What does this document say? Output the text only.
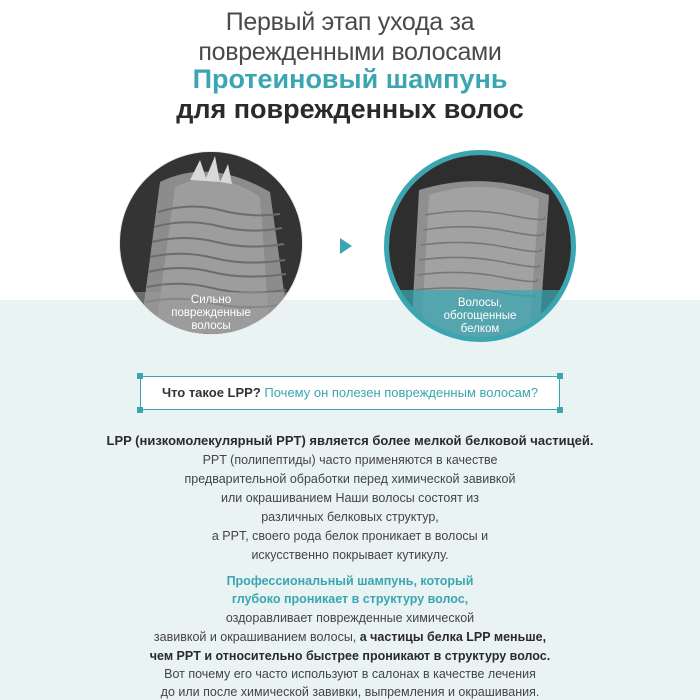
Первый этап ухода за
поврежденными волосами
Протеиновый шампунь
для поврежденных волос
Сильно
поврежденные
волосы
Волосы,
обогощенные
белком
Что такое LPP? Почему он полезен поврежденным волосам?
LPP (низкомолекулярный PPT) является более мелкой белковой частицей.
PPT (полипептиды) часто применяются в качестве
предварительной обработки перед химической завивкой
или окрашиванием Наши волосы состоят из
различных белковых структур,
а PPT, своего рода белок проникает в волосы и
искусственно покрывает кутикулу.
Профессиональный шампунь, который
глубоко проникает в структуру волос,
оздоравливает поврежденные химической
завивкой и окрашиванием волосы, а частицы белка LPP меньше,
чем PPT и относительно быстрее проникают в структуру волос.
Вот почему его часто используют в салонах в качестве лечения
до или после химической завивки, выпремления и окрашивания.
